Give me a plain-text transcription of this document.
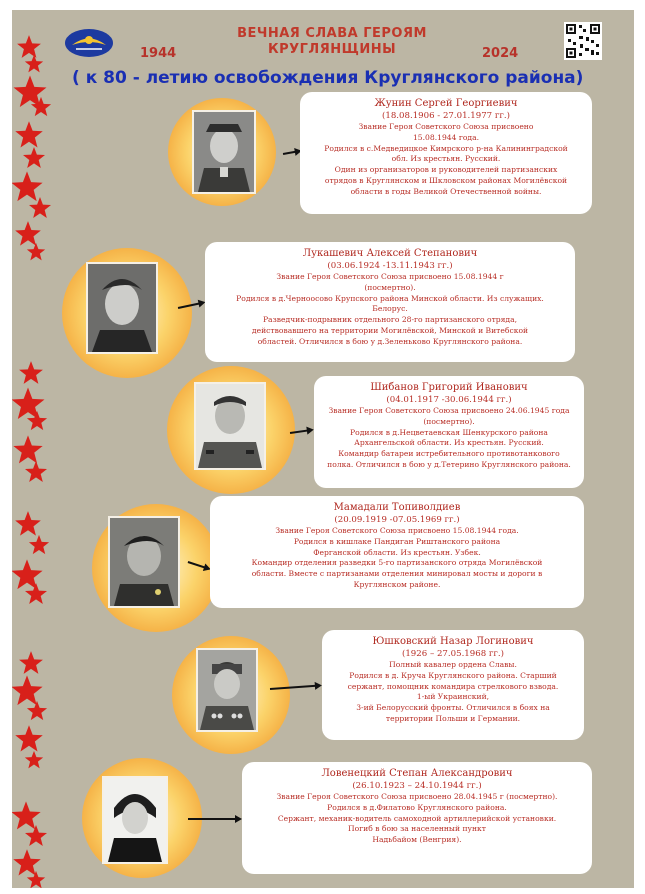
1944	2024
ВЕЧНАЯ СЛАВА ГЕРОЯМ
КРУГЛЯНЩИНЫ
( к 80 - летию освобождения Круглянского района)
Жунин Сергей Георгиевич
(18.08.1906 - 27.01.1977 гг.)
Звание Героя Советского Союза присвоено
15.08.1944 года.
Родился в с.Медведицкое Кимрского р-на Калининградской
обл. Из крестьян. Русский.
Один из организаторов и руководителей партизанских
отрядов в Круглянском и Шкловском районах Могилёвской
области в годы Великой Отечественной войны.
Лукашевич Алексей Степанович
(03.06.1924 -13.11.1943 гг.)
Звание Героя Советского Союза присвоено 15.08.1944 г
(посмертно).
Родился в д.Черноосово Крупского района Минской области. Из служащих.
Белорус.
Разведчик-подрывник отдельного 28-го партизанского отряда,
действовавшего на территории Могилёвской, Минской и Витебской
областей. Отличился в бою у д.Зеленьково Круглянского района.
Шибанов Григорий Иванович
(04.01.1917 -30.06.1944 гг.)
Звание Героя Советского Союза присвоено 24.06.1945 года
(посмертно).
Родился в д.Нецветаевская Шенкурского района
Архангельской области. Из крестьян. Русский.
Командир батареи истребительного противотанкового
полка. Отличился в бою у д.Тетерино Круглянского района.
Мамадали Топиволдиев
(20.09.1919 -07.05.1969 гг.)
Звание Героя Советского Союза присвоено 15.08.1944 года.
Родился в кишлаке Пандиган Риштанского района
Ферганской области. Из крестьян. Узбек.
Командир отделения разведки 5-го партизанского отряда Могилёвской
области. Вместе с партизанами отделения минировал мосты и дороги в
Круглянском районе.
Юшковский Назар Логинович
(1926 – 27.05.1968 гг.)
Полный кавалер ордена Славы.
Родился в д. Круча Круглянского района. Старший
сержант, помощник командира стрелкового взвода.
1-ый Украинский,
3-ий Белорусский фронты. Отличился в боях на
территории Польши и Германии.
Ловенецкий Степан Александрович
(26.10.1923 – 24.10.1944 гг.)
Звание Героя Советского Союза присвоено 28.04.1945 г (посмертно).
Родился в д.Филатово Круглянского района.
Сержант, механик-водитель самоходной артиллерийской установки.
Погиб в бою за населенный пункт
Надьбайом (Венгрия).
